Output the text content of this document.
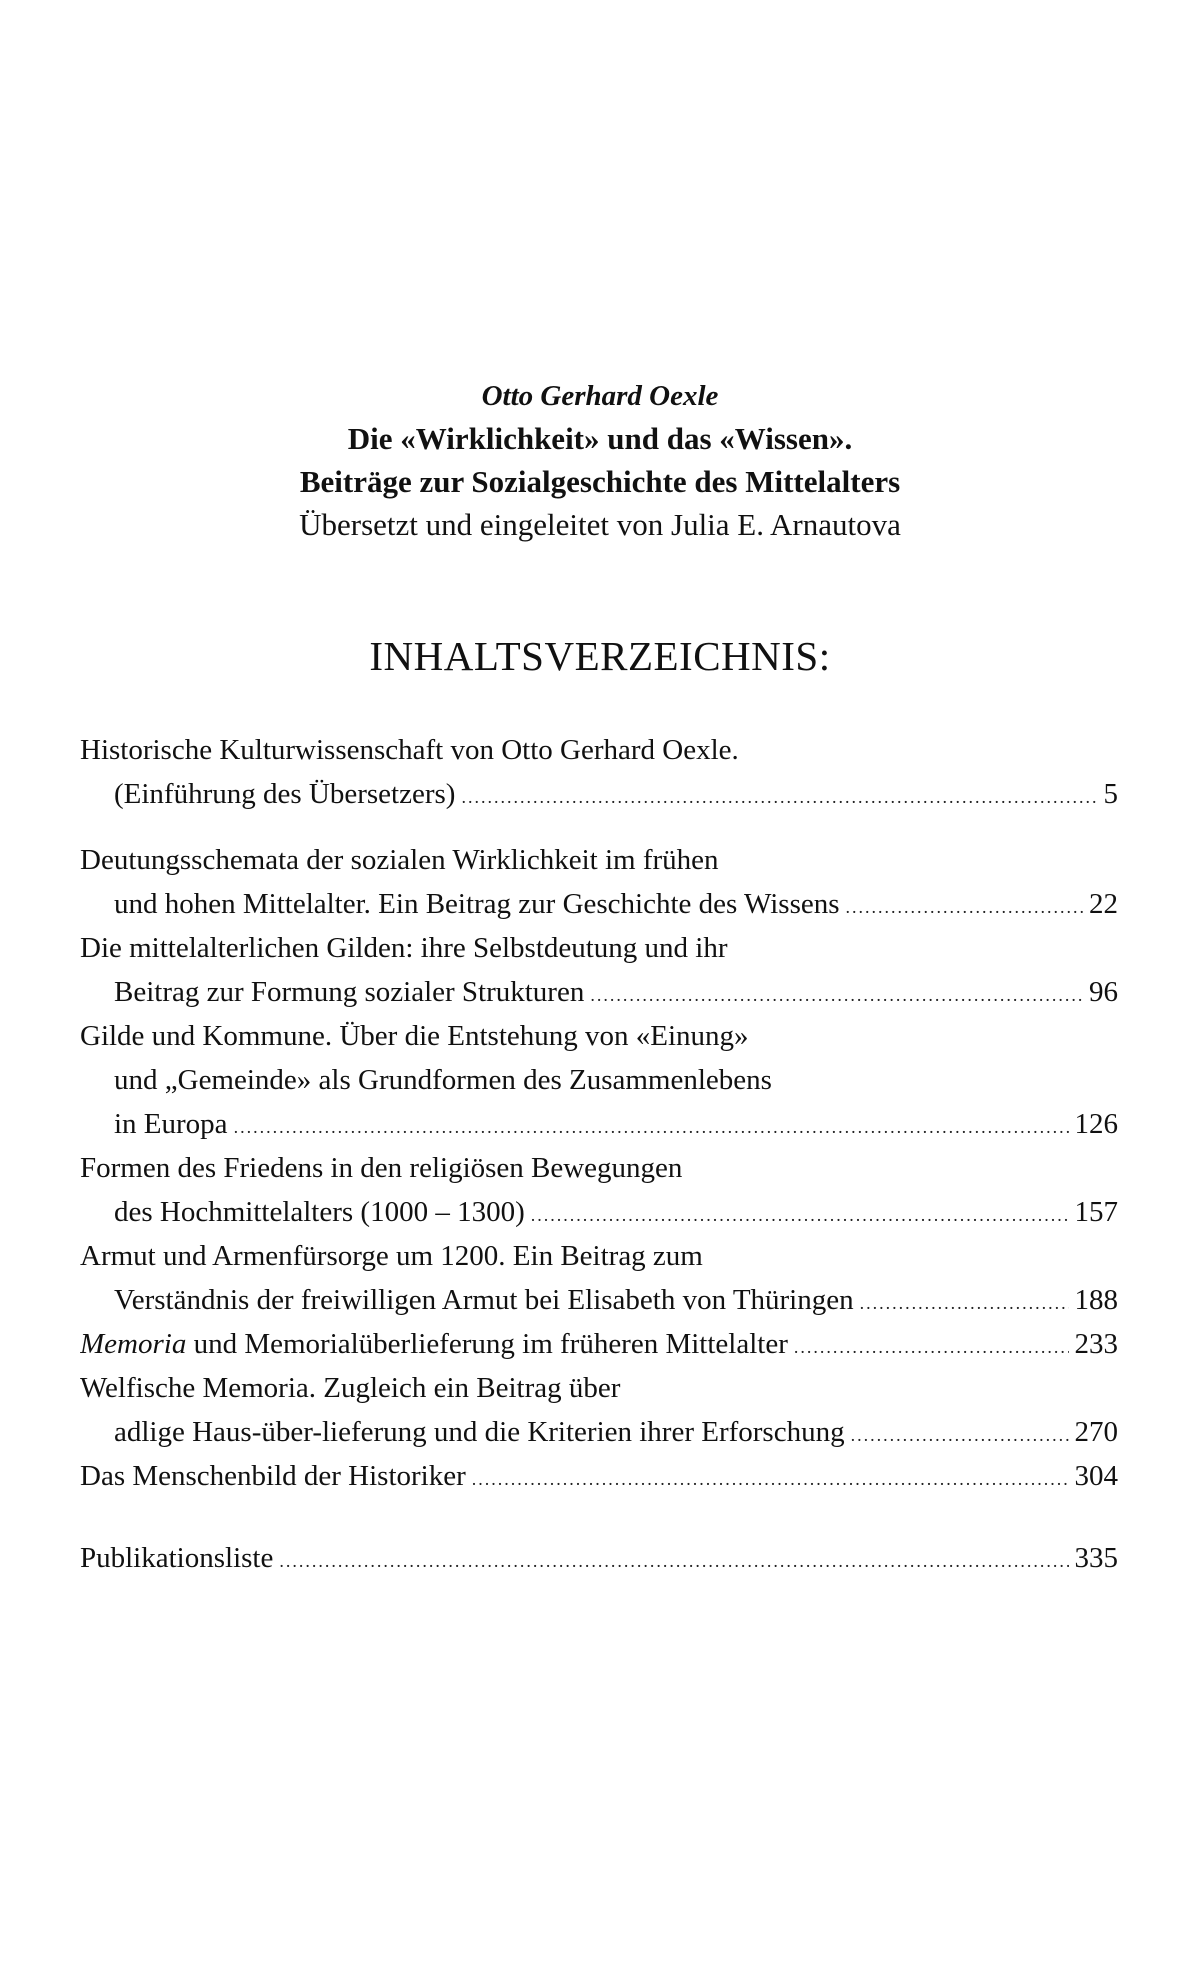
Otto Gerhard Oexle
Die «Wirklichkeit» und das «Wissen».
Beiträge zur Sozialgeschichte des Mittelalters
Übersetzt und eingeleitet von Julia E. Arnautova
INHALTSVERZEICHNIS:
Historische Kulturwissenschaft von Otto Gerhard Oexle.
(Einführung des Übersetzers) .....	5
Deutungsschemata der sozialen Wirklichkeit im frühen
und hohen Mittelalter. Ein Beitrag zur Geschichte des Wissens .....	22
Die mittelalterlichen Gilden: ihre Selbstdeutung und ihr
Beitrag zur Formung sozialer Strukturen .....	96
Gilde und Kommune. Über die Entstehung von «Einung»
und „Gemeinde» als Grundformen des Zusammenlebens
in Europa .....	126
Formen des Friedens in den religiösen Bewegungen
des Hochmittelalters (1000 – 1300) .....	157
Armut und Armenfürsorge um 1200. Ein Beitrag zum
Verständnis der freiwilligen Armut bei Elisabeth von Thüringen .....	188
Memoria und Memorialüberlieferung im früheren Mittelalter .....	233
Welfische Memoria. Zugleich ein Beitrag über
adlige Haus-über-lieferung und die Kriterien ihrer Erforschung .....	270
Das Menschenbild der Historiker .....	304
Publikationsliste .....	335
